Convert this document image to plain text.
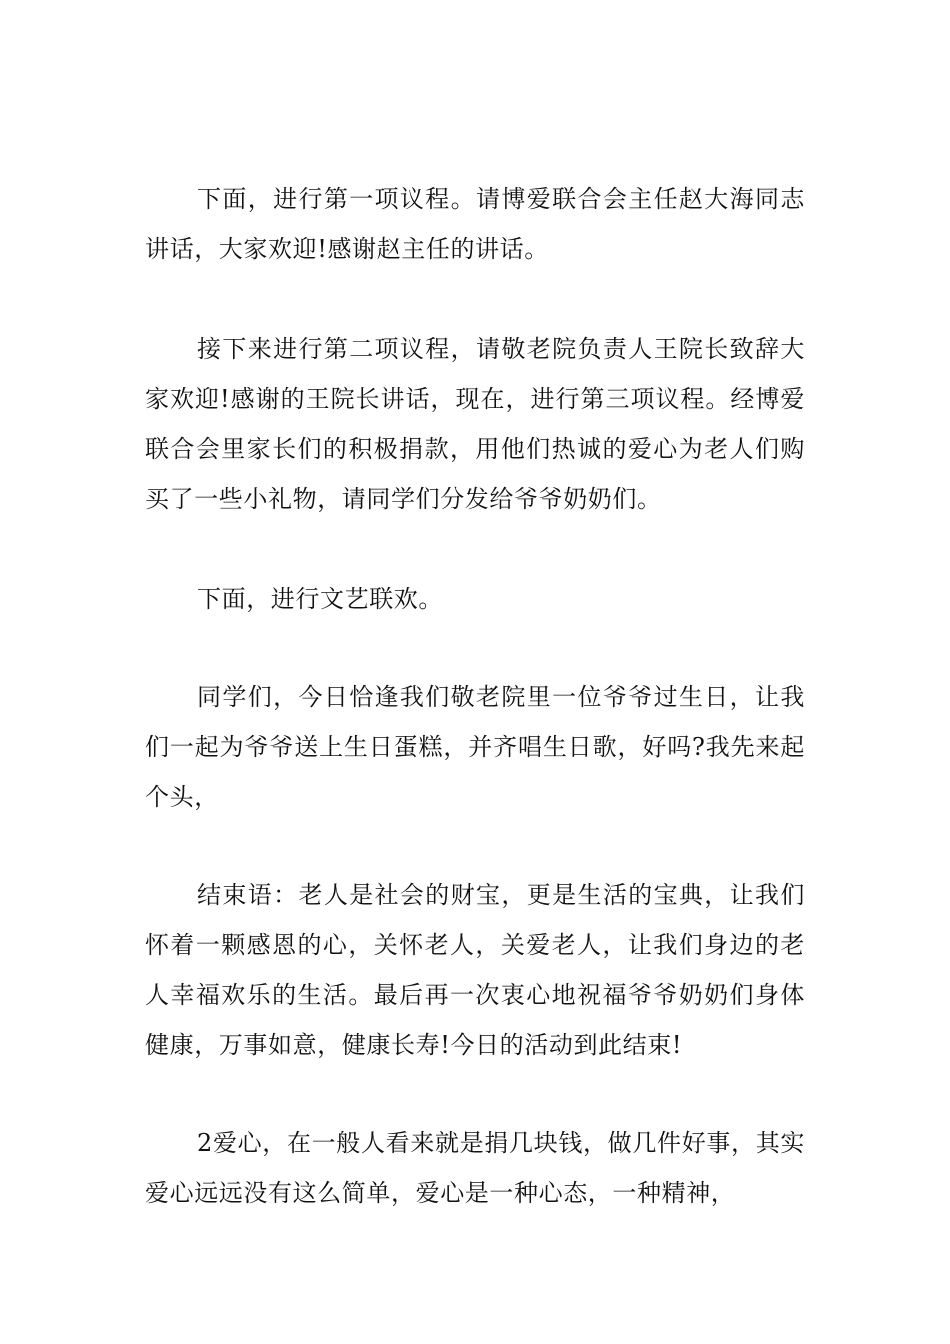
下面，进行第一项议程。请博爱联合会主任赵大海同志讲话，大家欢迎!感谢赵主任的讲话。

接下来进行第二项议程，请敬老院负责人王院长致辞大家欢迎!感谢的王院长讲话，现在，进行第三项议程。经博爱联合会里家长们的积极捐款，用他们热诚的爱心为老人们购买了一些小礼物，请同学们分发给爷爷奶奶们。

下面，进行文艺联欢。

同学们，今日恰逢我们敬老院里一位爷爷过生日，让我们一起为爷爷送上生日蛋糕，并齐唱生日歌，好吗?我先来起个头，

结束语：老人是社会的财宝，更是生活的宝典，让我们怀着一颗感恩的心，关怀老人，关爱老人，让我们身边的老人幸福欢乐的生活。最后再一次衷心地祝福爷爷奶奶们身体健康，万事如意，健康长寿!今日的活动到此结束!

2爱心，在一般人看来就是捐几块钱，做几件好事，其实爱心远远没有这么简单，爱心是一种心态，一种精神，
